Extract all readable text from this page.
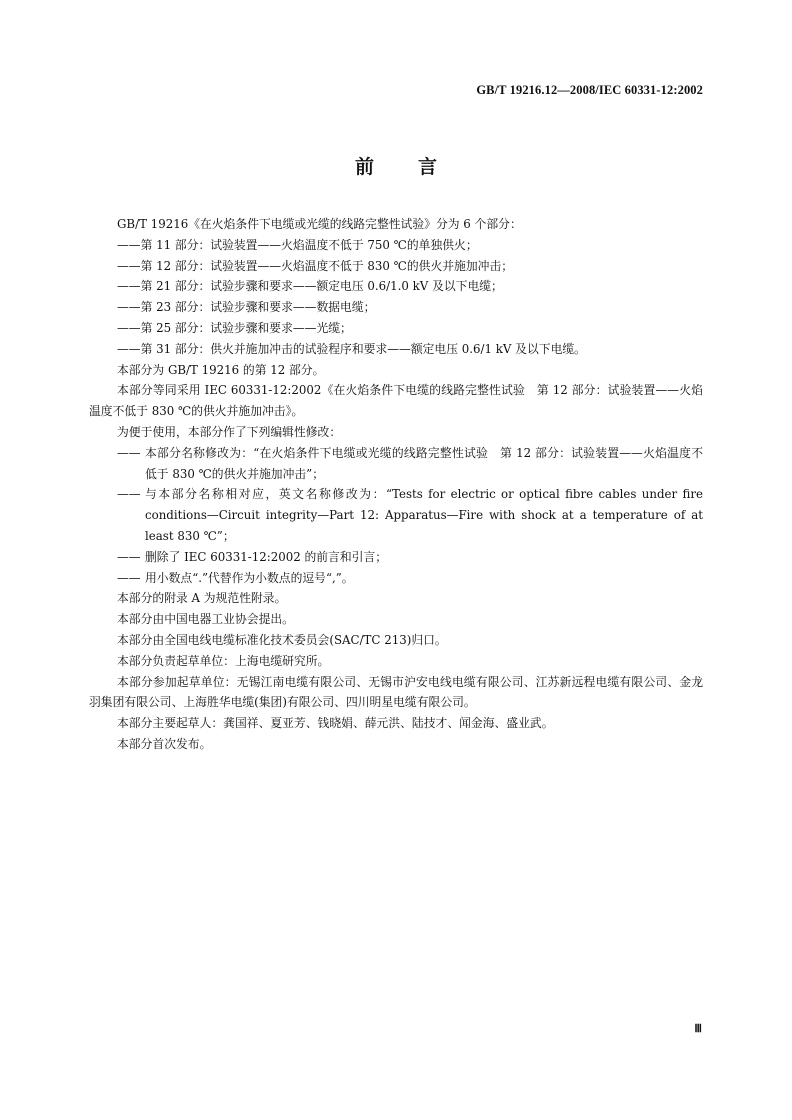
GB/T 19216.12—2008/IEC 60331-12:2002
前言

GB/T 19216《在火焰条件下电缆或光缆的线路完整性试验》分为 6 个部分：

——第 11 部分：试验装置——火焰温度不低于 750 ℃的单独供火；

——第 12 部分：试验装置——火焰温度不低于 830 ℃的供火并施加冲击；

——第 21 部分：试验步骤和要求——额定电压 0.6/1.0 kV 及以下电缆；

——第 23 部分：试验步骤和要求——数据电缆；

——第 25 部分：试验步骤和要求——光缆；

——第 31 部分：供火并施加冲击的试验程序和要求——额定电压 0.6/1 kV 及以下电缆。

本部分为 GB/T 19216 的第 12 部分。

本部分等同采用 IEC 60331-12:2002《在火焰条件下电缆的线路完整性试验　第 12 部分：试验装置——火焰温度不低于 830 ℃的供火并施加冲击》。

为便于使用，本部分作了下列编辑性修改：

—— 本部分名称修改为：“在火焰条件下电缆或光缆的线路完整性试验　第 12 部分：试验装置——火焰温度不低于 830 ℃的供火并施加冲击”；
—— 与本部分名称相对应，英文名称修改为：“Tests for electric or optical fibre cables under fire conditions—Circuit integrity—Part 12: Apparatus—Fire with shock at a temperature of at least 830 ℃”；
—— 删除了 IEC 60331-12:2002 的前言和引言；
—— 用小数点“.”代替作为小数点的逗号“,”。

本部分的附录 A 为规范性附录。

本部分由中国电器工业协会提出。

本部分由全国电线电缆标准化技术委员会(SAC/TC 213)归口。

本部分负责起草单位：上海电缆研究所。

本部分参加起草单位：无锡江南电缆有限公司、无锡市沪安电线电缆有限公司、江苏新远程电缆有限公司、金龙羽集团有限公司、上海胜华电缆(集团)有限公司、四川明星电缆有限公司。

本部分主要起草人：龚国祥、夏亚芳、钱晓娟、薛元洪、陆技才、闻金海、盛业武。

本部分首次发布。

Ⅲ
